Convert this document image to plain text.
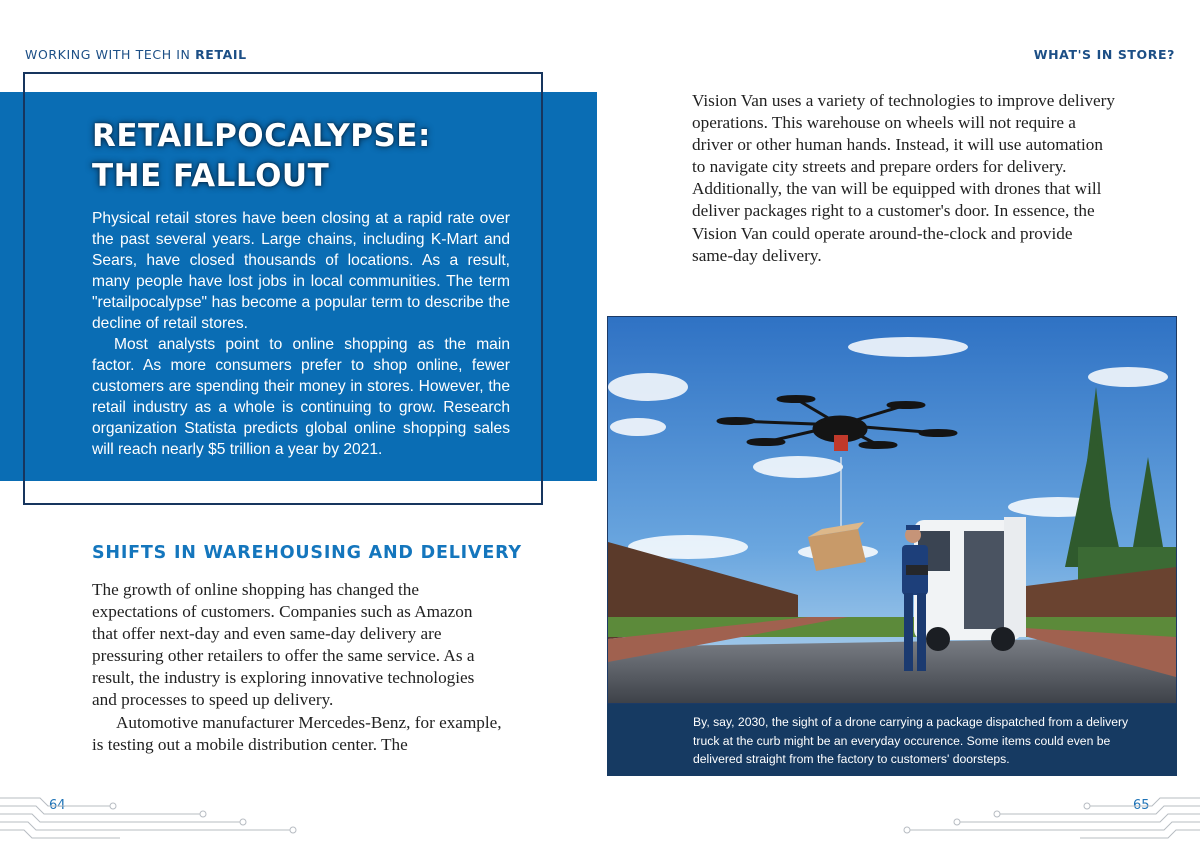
WORKING WITH TECH IN RETAIL	WHAT'S IN STORE?
RETAILPOCALYPSE:
THE FALLOUT

Physical retail stores have been closing at a rapid rate over the past several years. Large chains, including K-Mart and Sears, have closed thousands of locations. As a result, many people have lost jobs in local communities. The term "retailpocalypse" has become a popular term to describe the decline of retail stores.

Most analysts point to online shopping as the main factor. As more consumers prefer to shop online, fewer customers are spending their money in stores. However, the retail industry as a whole is continuing to grow. Research organization Statista predicts global online shopping sales will reach nearly $5 trillion a year by 2021.

SHIFTS IN WAREHOUSING AND DELIVERY

The growth of online shopping has changed the expectations of customers. Companies such as Amazon that offer next-day and even same-day delivery are pressuring other retailers to offer the same service. As a result, the industry is exploring innovative technologies and processes to speed up delivery.

Automotive manufacturer Mercedes-Benz, for example, is testing out a mobile distribution center. The

Vision Van uses a variety of technologies to improve delivery operations. This warehouse on wheels will not require a driver or other human hands. Instead, it will use automation to navigate city streets and prepare orders for delivery. Additionally, the van will be equipped with drones that will deliver packages right to a customer's door. In essence, the Vision Van could operate around-the-clock and provide same-day delivery.

By, say, 2030, the sight of a drone carrying a package dispatched from a delivery truck at the curb might be an everyday occurence. Some items could even be delivered straight from the factory to customers' doorsteps.
64	65
